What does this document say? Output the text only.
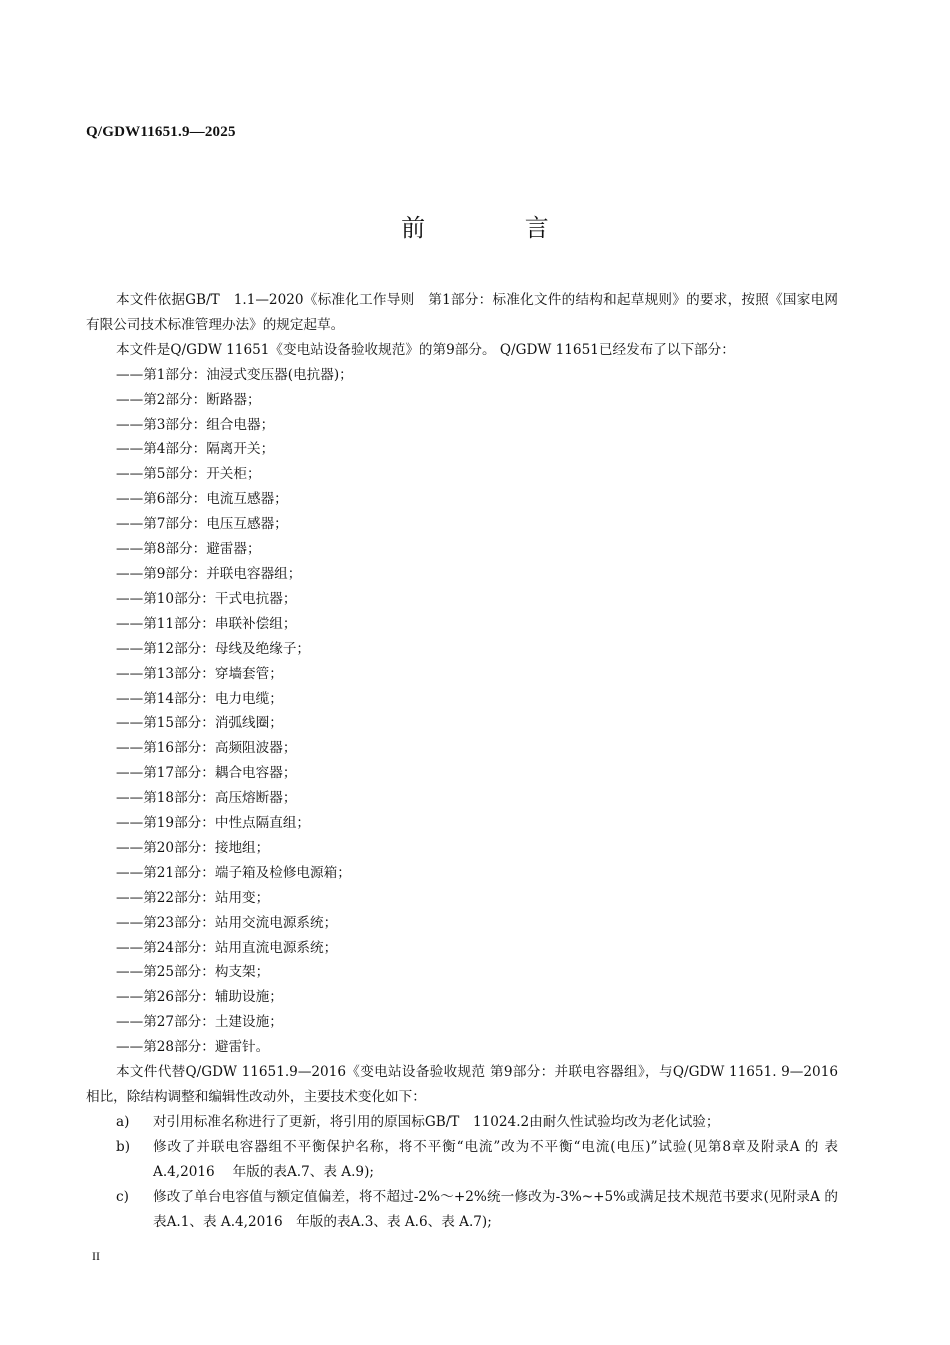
Q/GDW11651.9—2025
前 言

本文件依据GB/T　1.1—2020《标准化工作导则　第1部分：标准化文件的结构和起草规则》的要求，按照《国家电网有限公司技术标准管理办法》的规定起草。

本文件是Q/GDW 11651《变电站设备验收规范》的第9部分。 Q/GDW 11651已经发布了以下部分：

——第1部分：油浸式变压器(电抗器)；
——第2部分：断路器；
——第3部分：组合电器；
——第4部分：隔离开关；
——第5部分：开关柜；
——第6部分：电流互感器；
——第7部分：电压互感器；
——第8部分：避雷器；
——第9部分：并联电容器组；
——第10部分：干式电抗器；
——第11部分：串联补偿组；
——第12部分：母线及绝缘子；
——第13部分：穿墙套管；
——第14部分：电力电缆；
——第15部分：消弧线圈；
——第16部分：高频阻波器；
——第17部分：耦合电容器；
——第18部分：高压熔断器；
——第19部分：中性点隔直组；
——第20部分：接地组；
——第21部分：端子箱及检修电源箱；
——第22部分：站用变；
——第23部分：站用交流电源系统；
——第24部分：站用直流电源系统；
——第25部分：构支架；
——第26部分：辅助设施；
——第27部分：土建设施；
——第28部分：避雷针。

本文件代替Q/GDW 11651.9—2016《变电站设备验收规范 第9部分：并联电容器组》，与Q/GDW 11651. 9—2016相比，除结构调整和编辑性改动外，主要技术变化如下：

a)	对引用标准名称进行了更新，将引用的原国标GB/T　11024.2由耐久性试验均改为老化试验；
b)	修改了并联电容器组不平衡保护名称，将不平衡“电流”改为不平衡“电流(电压)”试验(见第8章及附录A 的 表A.4,2016　 年版的表A.7、表 A.9);
c)	修改了单台电容值与额定值偏差，将不超过-2%～+2%统一修改为-3%~+5%或满足技术规范书要求(见附录A 的 表A.1、表 A.4,2016　年版的表A.3、表 A.6、表 A.7);
II
